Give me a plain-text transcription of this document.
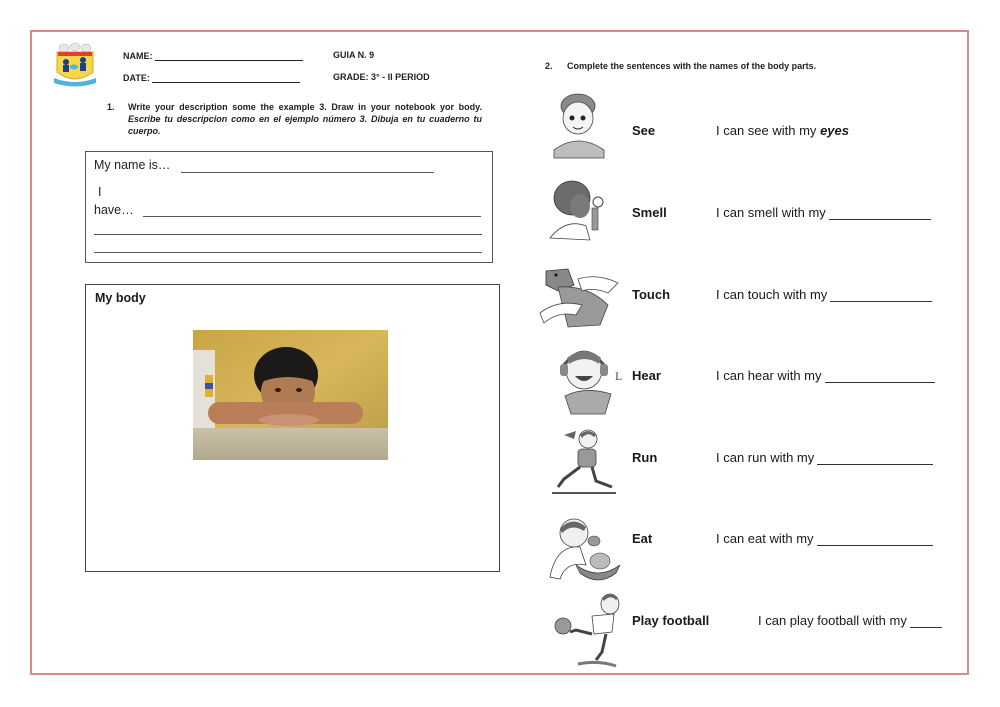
NAME:	GUIA N. 9
DATE:	GRADE: 3° - II PERIOD
1. Write your description some the example 3. Draw in your notebook yor body. Escribe tu descripcion como en el ejemplo número 3. Dibuja en tu cuaderno tu cuerpo.
My name is…
I
have…
My body
2. Complete the sentences with the names of the body parts.
See	I can see with my eyes
Smell	I can smell with my
Touch	I can touch with my
L Hear	I can hear with my
Run	I can run with my
Eat	I can eat with my
Play football	I can play football with my
